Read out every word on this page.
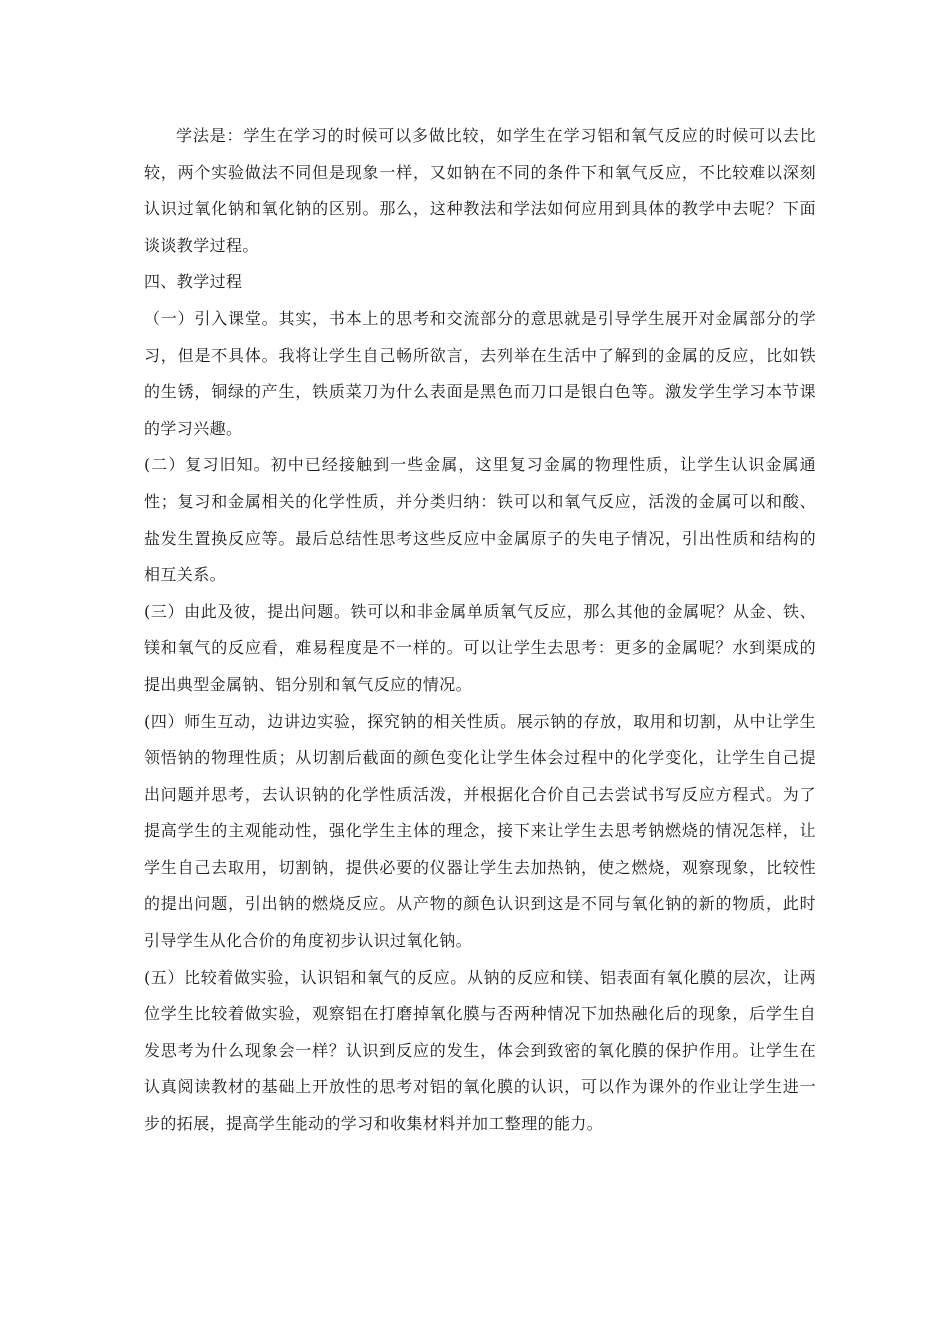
学法是：学生在学习的时候可以多做比较，如学生在学习铝和氧气反应的时候可以去比较，两个实验做法不同但是现象一样，又如钠在不同的条件下和氧气反应，不比较难以深刻认识过氧化钠和氧化钠的区别。那么，这种教法和学法如何应用到具体的教学中去呢？下面谈谈教学过程。

四、教学过程

（一）引入课堂。其实，书本上的思考和交流部分的意思就是引导学生展开对金属部分的学习，但是不具体。我将让学生自己畅所欲言，去列举在生活中了解到的金属的反应，比如铁的生锈，铜绿的产生，铁质菜刀为什么表面是黑色而刀口是银白色等。激发学生学习本节课的学习兴趣。

(二）复习旧知。初中已经接触到一些金属，这里复习金属的物理性质，让学生认识金属通性；复习和金属相关的化学性质，并分类归纳：铁可以和氧气反应，活泼的金属可以和酸、盐发生置换反应等。最后总结性思考这些反应中金属原子的失电子情况，引出性质和结构的相互关系。

(三）由此及彼，提出问题。铁可以和非金属单质氧气反应，那么其他的金属呢？从金、铁、镁和氧气的反应看，难易程度是不一样的。可以让学生去思考：更多的金属呢？水到渠成的提出典型金属钠、铝分别和氧气反应的情况。

(四）师生互动，边讲边实验，探究钠的相关性质。展示钠的存放，取用和切割，从中让学生领悟钠的物理性质；从切割后截面的颜色变化让学生体会过程中的化学变化，让学生自己提出问题并思考，去认识钠的化学性质活泼，并根据化合价自己去尝试书写反应方程式。为了提高学生的主观能动性，强化学生主体的理念，接下来让学生去思考钠燃烧的情况怎样，让学生自己去取用，切割钠，提供必要的仪器让学生去加热钠，使之燃烧，观察现象，比较性的提出问题，引出钠的燃烧反应。从产物的颜色认识到这是不同与氧化钠的新的物质，此时引导学生从化合价的角度初步认识过氧化钠。

(五）比较着做实验，认识铝和氧气的反应。从钠的反应和镁、铝表面有氧化膜的层次，让两位学生比较着做实验，观察铝在打磨掉氧化膜与否两种情况下加热融化后的现象，后学生自发思考为什么现象会一样？认识到反应的发生，体会到致密的氧化膜的保护作用。让学生在认真阅读教材的基础上开放性的思考对铝的氧化膜的认识，可以作为课外的作业让学生进一步的拓展，提高学生能动的学习和收集材料并加工整理的能力。
